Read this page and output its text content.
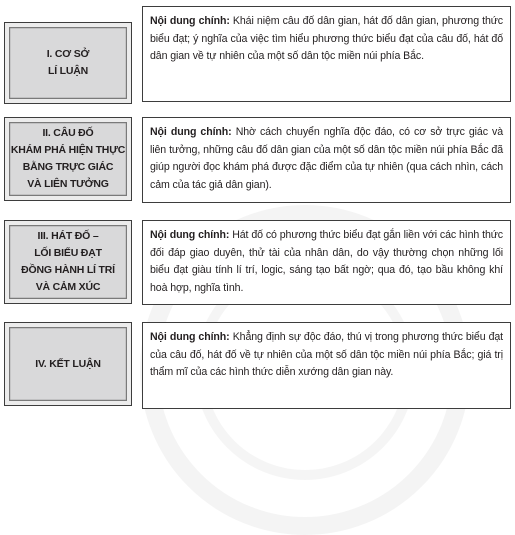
I. CƠ SỞ
LÍ LUẬN

Nội dung chính: Khái niệm câu đố dân gian, hát đố dân gian, phương thức biểu đạt; ý nghĩa của việc tìm hiểu phương thức biểu đạt của câu đố, hát đố dân gian về tự nhiên của một số dân tộc miền núi phía Bắc.

II. CÂU ĐỐ
KHÁM PHÁ HIỆN THỰC
BẰNG TRỰC GIÁC
VÀ LIÊN TƯỞNG

Nội dung chính: Nhờ cách chuyển nghĩa độc đáo, có cơ sở trực giác và liên tưởng, những câu đố dân gian của một số dân tộc miền núi phía Bắc đã giúp người đọc khám phá được đặc điểm của tự nhiên (qua cách nhìn, cách cảm của tác giả dân gian).

III. HÁT ĐỐ –
LỐI BIỂU ĐẠT
ĐỒNG HÀNH LÍ TRÍ
VÀ CẢM XÚC

Nội dung chính: Hát đố có phương thức biểu đạt gắn liền với các hình thức đối đáp giao duyên, thử tài của nhân dân, do vậy thường chọn những lối biểu đạt giàu tính lí trí, logic, sáng tạo bất ngờ; qua đó, tạo bầu không khí hoà hợp, nghĩa tình.

IV. KẾT LUẬN

Nội dung chính: Khẳng định sự độc đáo, thú vị trong phương thức biểu đạt của câu đố, hát đố về tự nhiên của một số dân tộc miền núi phía Bắc; giá trị thẩm mĩ của các hình thức diễn xướng dân gian này.
